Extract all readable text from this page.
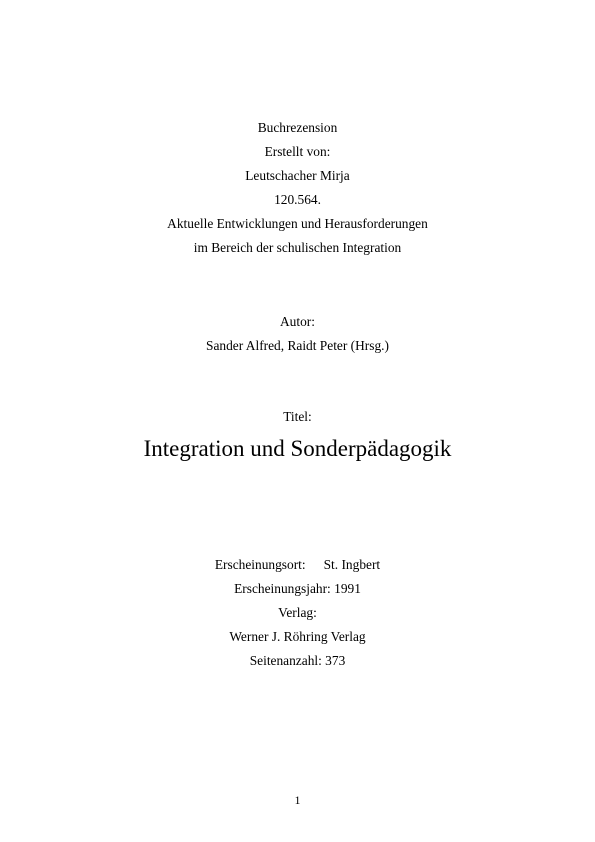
Buchrezension
Erstellt von:
Leutschacher Mirja
120.564.
Aktuelle Entwicklungen und Herausforderungen
im Bereich der schulischen Integration
Autor:
Sander Alfred, Raidt Peter (Hrsg.)
Titel:
Integration und Sonderpädagogik
Erscheinungsort: St. Ingbert
Erscheinungsjahr: 1991
Verlag:
Werner J. Röhring Verlag
Seitenanzahl: 373
1
